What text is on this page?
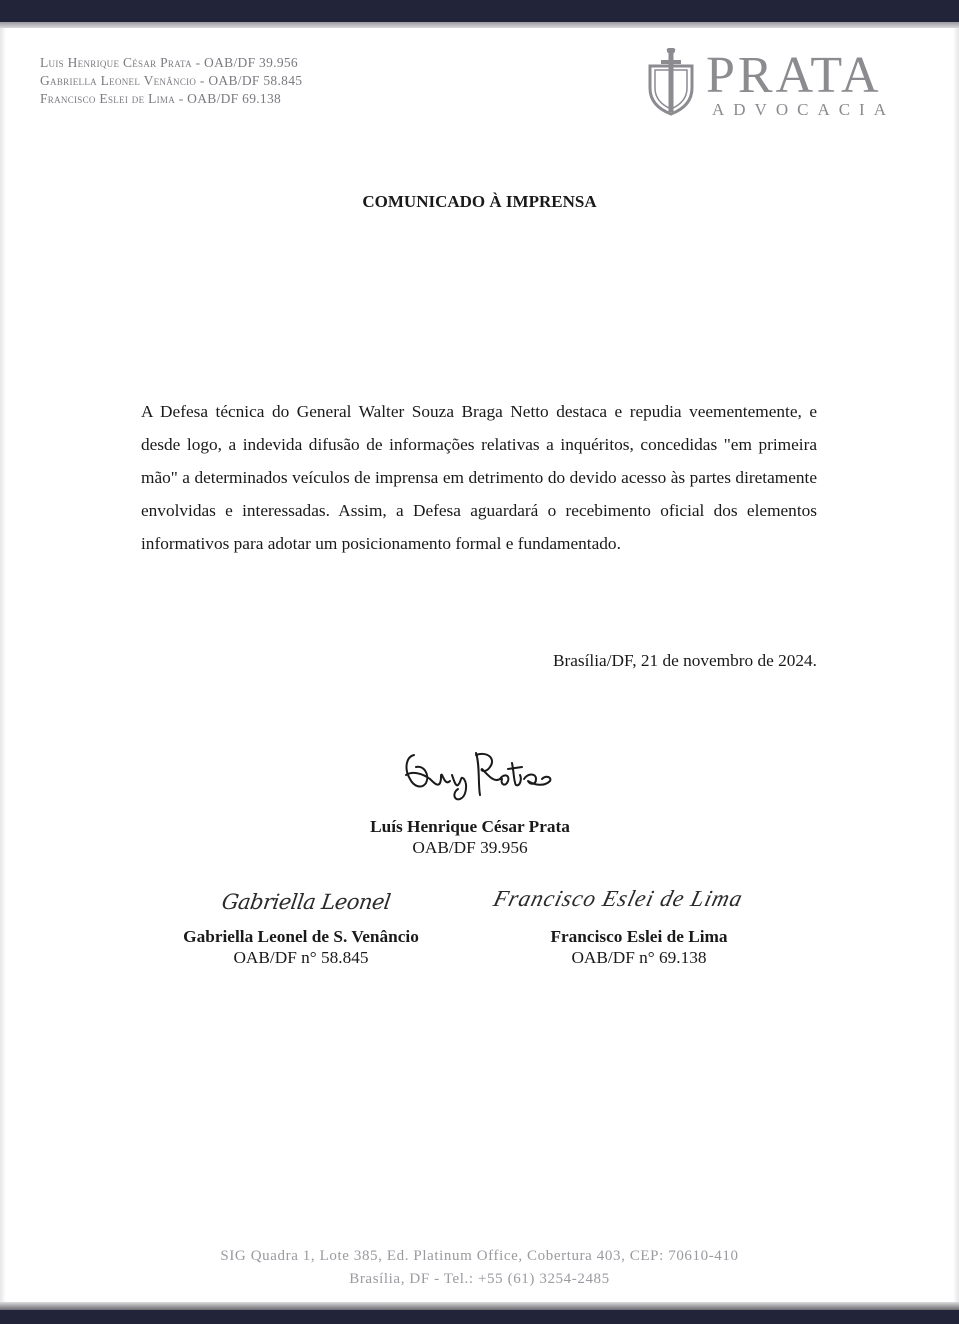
Luis Henrique César Prata - OAB/DF 39.956
Gabriella Leonel Venâncio - OAB/DF 58.845
Francisco Eslei de Lima - OAB/DF 69.138	PRATA
ADVOCACIA
COMUNICADO À IMPRENSA
A Defesa técnica do General Walter Souza Braga Netto destaca e repudia veementemente, e desde logo, a indevida difusão de informações relativas a inquéritos, concedidas "em primeira mão" a determinados veículos de imprensa em detrimento do devido acesso às partes diretamente envolvidas e interessadas. Assim, a Defesa aguardará o recebimento oficial dos elementos informativos para adotar um posicionamento formal e fundamentado.
Brasília/DF, 21 de novembro de 2024.
Luís Henrique César Prata
OAB/DF 39.956
Gabriella Leonel	Francisco Eslei de Lima
Gabriella Leonel de S. Venâncio
OAB/DF n° 58.845
Francisco Eslei de Lima
OAB/DF n° 69.138
SIG Quadra 1, Lote 385, Ed. Platinum Office, Cobertura 403, CEP: 70610-410
Brasília, DF - Tel.: +55 (61) 3254-2485
